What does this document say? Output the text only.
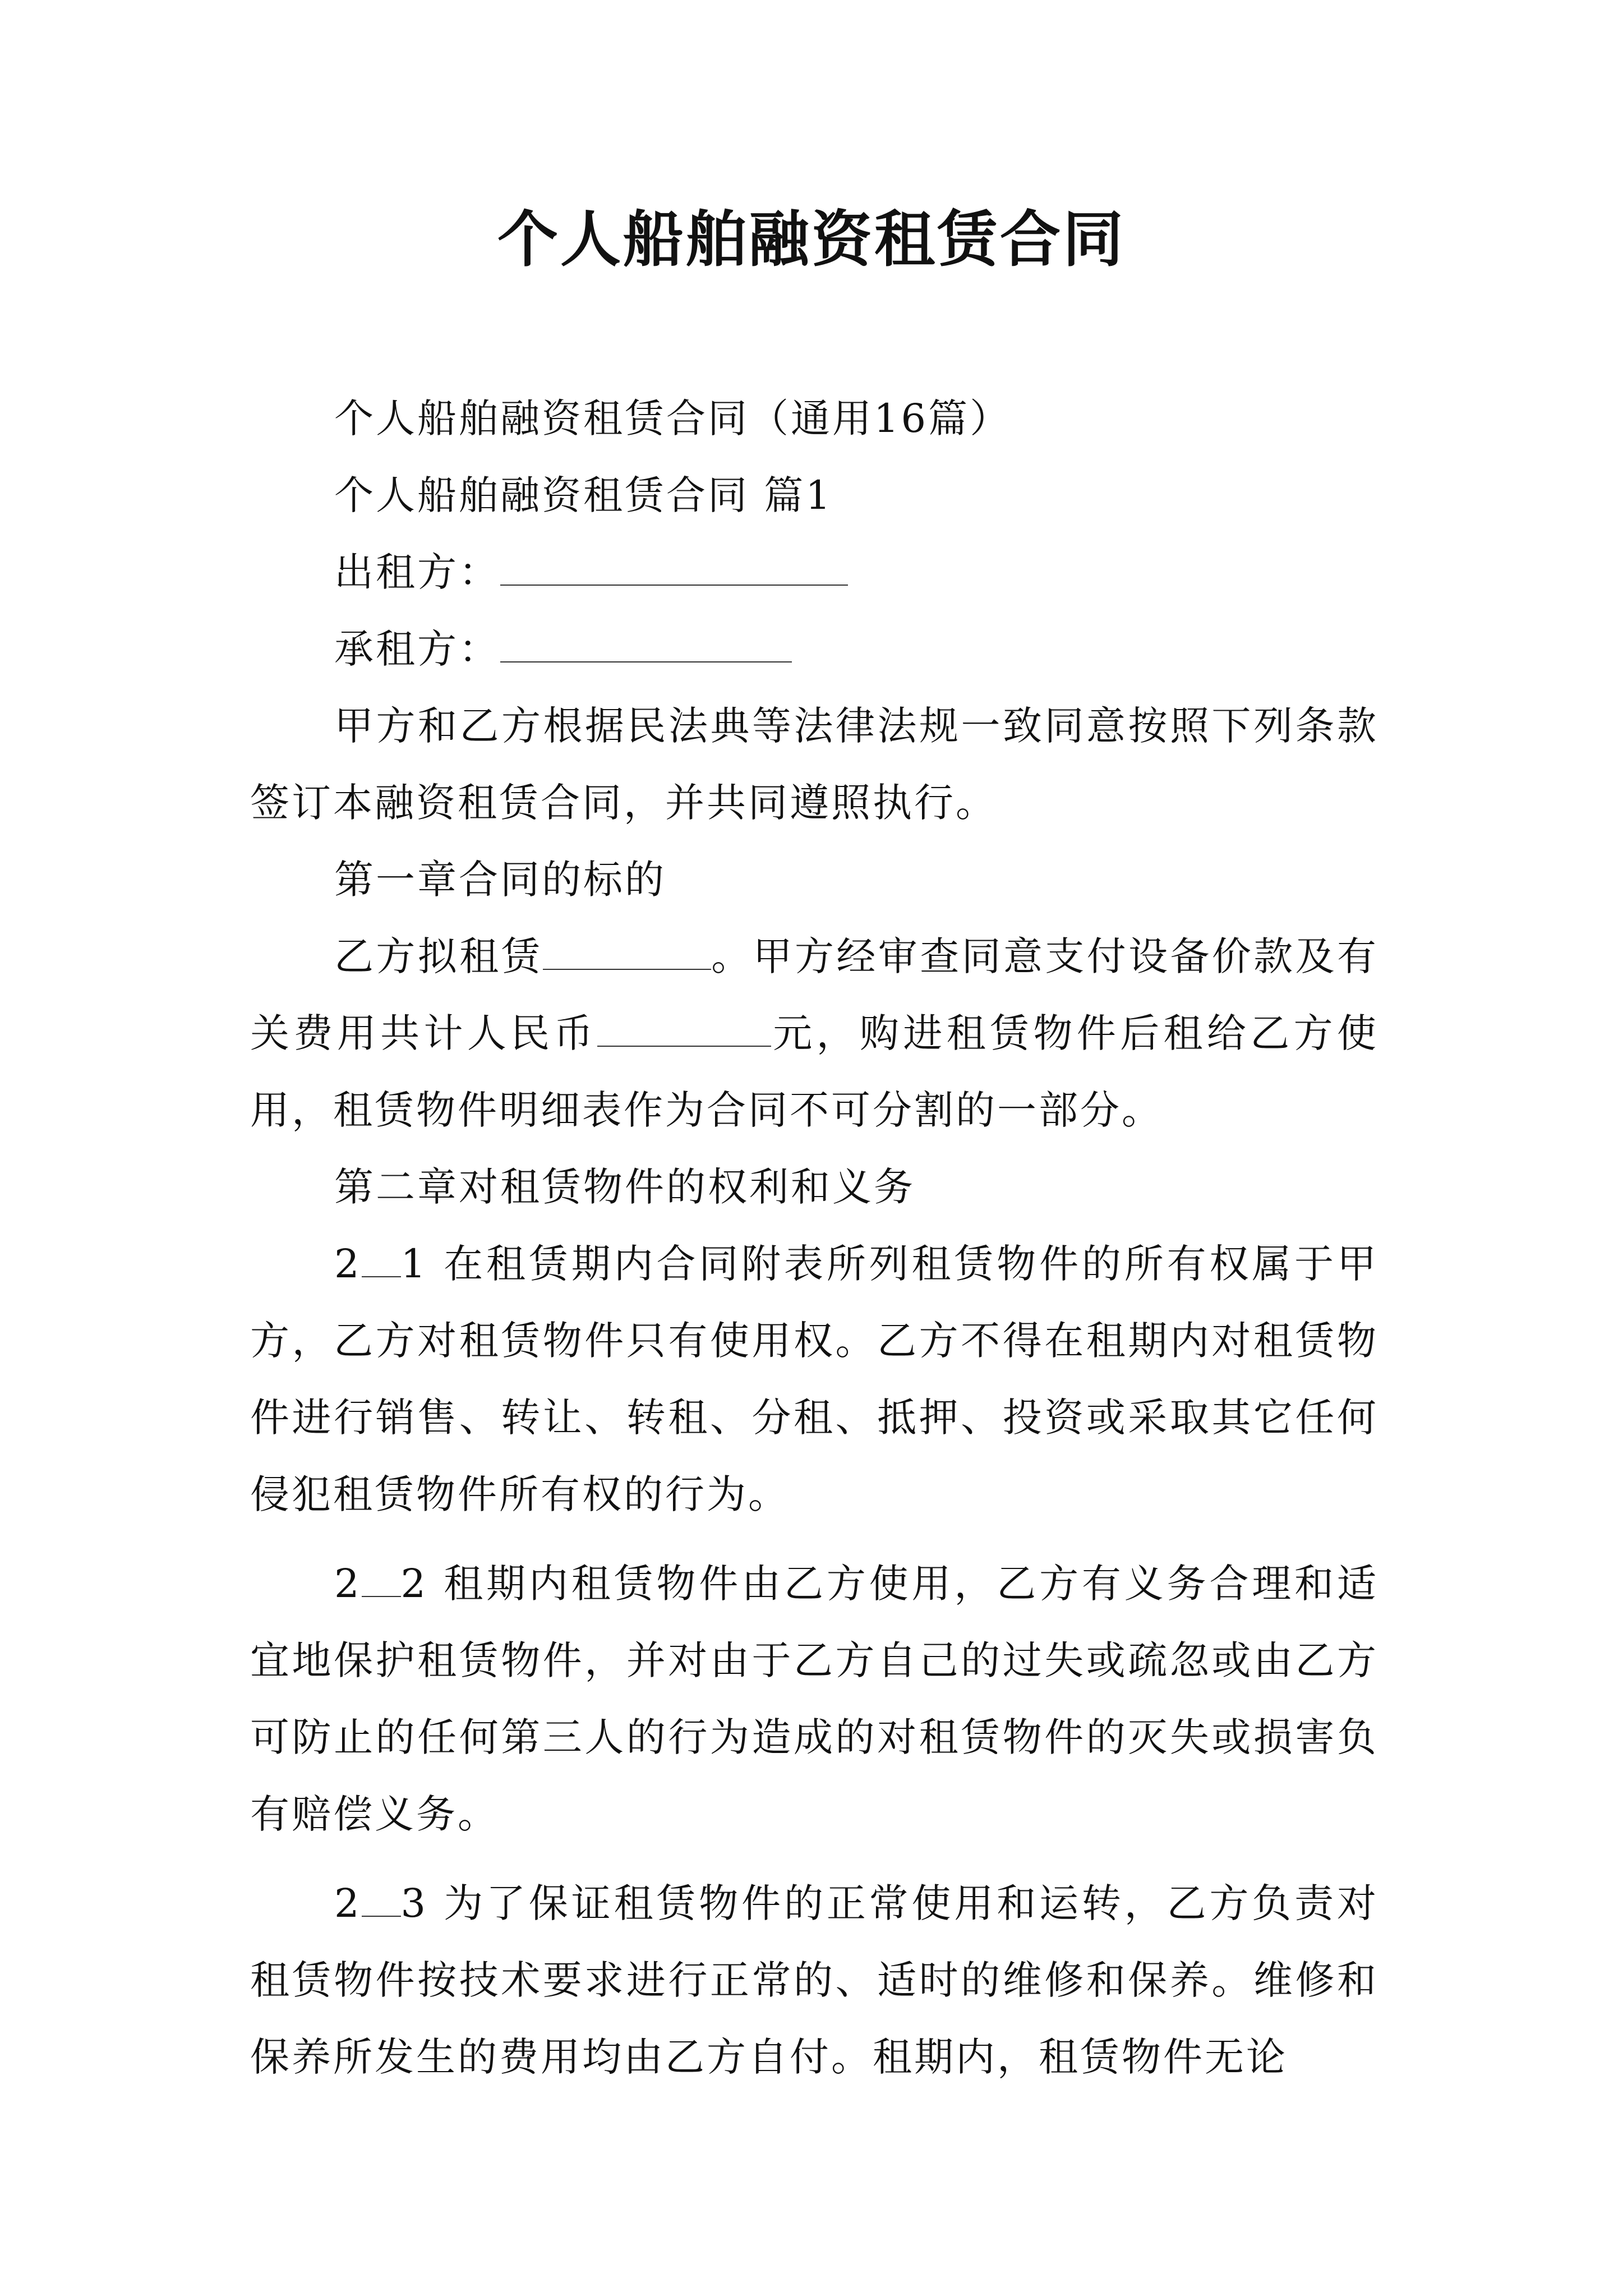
个人船舶融资租赁合同

个人船舶融资租赁合同（通用16篇）

个人船舶融资租赁合同 篇1

出租方：

承租方：

甲方和乙方根据民法典等法律法规一致同意按照下列条款签订本融资租赁合同，并共同遵照执行。

第一章合同的标的

乙方拟租赁	。甲方经审查同意支付设备价款及有关费用共计人民币	元，购进租赁物件后租给乙方使用，租赁物件明细表作为合同不可分割的一部分。

第二章对租赁物件的权利和义务

2 1 在租赁期内合同附表所列租赁物件的所有权属于甲方，乙方对租赁物件只有使用权。乙方不得在租期内对租赁物件进行销售、转让、转租、分租、抵押、投资或采取其它任何侵犯租赁物件所有权的行为。

2 2 租期内租赁物件由乙方使用，乙方有义务合理和适宜地保护租赁物件，并对由于乙方自己的过失或疏忽或由乙方可防止的任何第三人的行为造成的对租赁物件的灭失或损害负有赔偿义务。

2 3 为了保证租赁物件的正常使用和运转，乙方负责对租赁物件按技术要求进行正常的、适时的维修和保养。维修和保养所发生的费用均由乙方自付。租期内，租赁物件无论
